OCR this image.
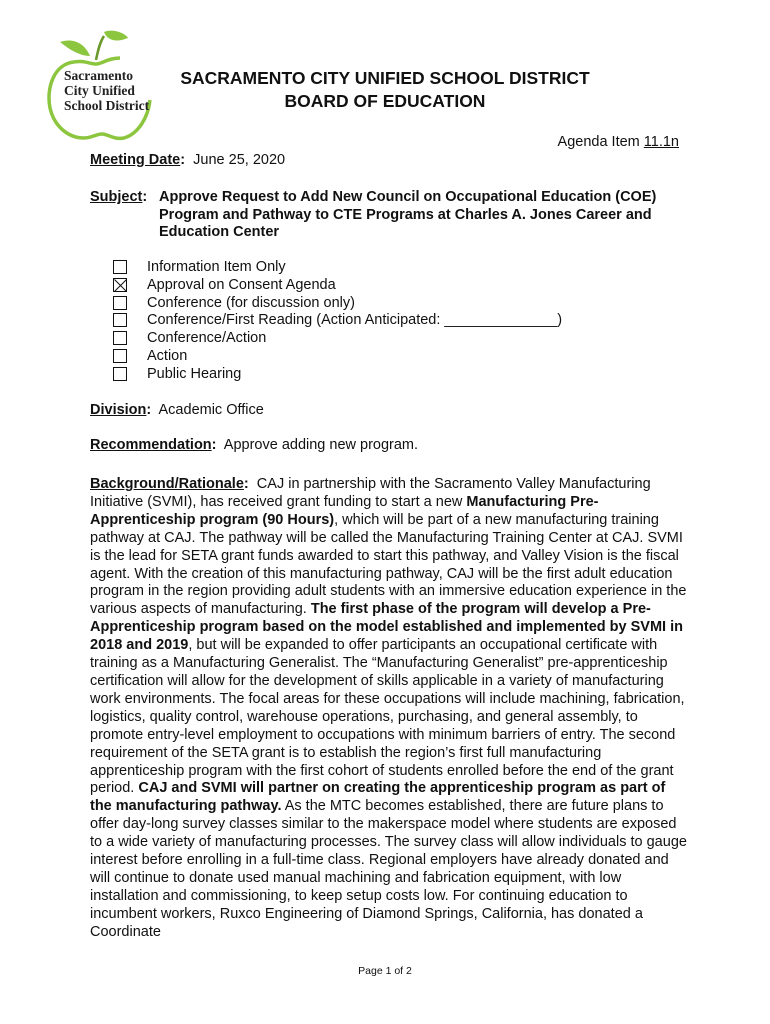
Sacramento
City Unified
School District
SACRAMENTO CITY UNIFIED SCHOOL DISTRICT
BOARD OF EDUCATION
Agenda Item 11.1n
Meeting Date: June 25, 2020
Subject: Approve Request to Add New Council on Occupational Education (COE) Program and Pathway to CTE Programs at Charles A. Jones Career and Education Center
Information Item Only
Approval on Consent Agenda
Conference (for discussion only)
Conference/First Reading (Action Anticipated: ______________)
Conference/Action
Action
Public Hearing
Division: Academic Office
Recommendation: Approve adding new program.
Background/Rationale: CAJ in partnership with the Sacramento Valley Manufacturing Initiative (SVMI), has received grant funding to start a new Manufacturing Pre-Apprenticeship program (90 Hours), which will be part of a new manufacturing training pathway at CAJ. The pathway will be called the Manufacturing Training Center at CAJ. SVMI is the lead for SETA grant funds awarded to start this pathway, and Valley Vision is the fiscal agent. With the creation of this manufacturing pathway, CAJ will be the first adult education program in the region providing adult students with an immersive education experience in the various aspects of manufacturing. The first phase of the program will develop a Pre-Apprenticeship program based on the model established and implemented by SVMI in 2018 and 2019, but will be expanded to offer participants an occupational certificate with training as a Manufacturing Generalist. The “Manufacturing Generalist” pre-apprenticeship certification will allow for the development of skills applicable in a variety of manufacturing work environments. The focal areas for these occupations will include machining, fabrication, logistics, quality control, warehouse operations, purchasing, and general assembly, to promote entry-level employment to occupations with minimum barriers of entry. The second requirement of the SETA grant is to establish the region’s first full manufacturing apprenticeship program with the first cohort of students enrolled before the end of the grant period. CAJ and SVMI will partner on creating the apprenticeship program as part of the manufacturing pathway. As the MTC becomes established, there are future plans to offer day-long survey classes similar to the makerspace model where students are exposed to a wide variety of manufacturing processes. The survey class will allow individuals to gauge interest before enrolling in a full-time class. Regional employers have already donated and will continue to donate used manual machining and fabrication equipment, with low installation and commissioning, to keep setup costs low. For continuing education to incumbent workers, Ruxco Engineering of Diamond Springs, California, has donated a Coordinate
Page 1 of 2
